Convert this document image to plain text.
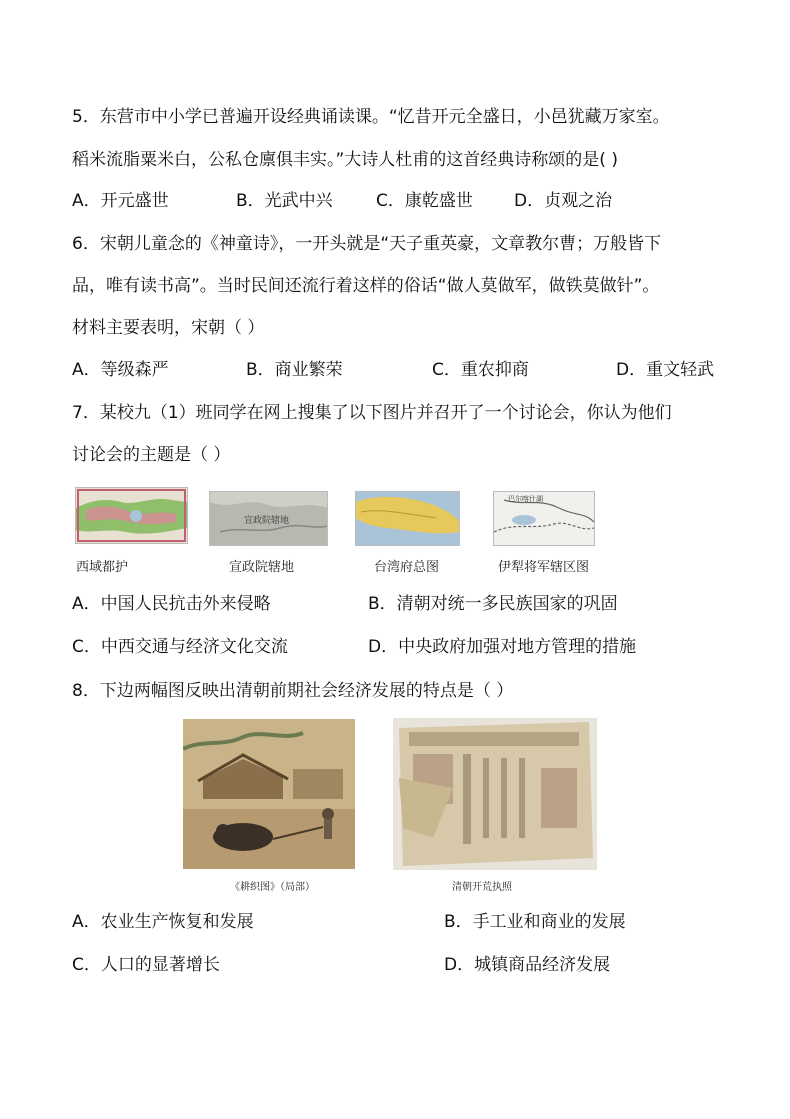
5．东营市中小学已普遍开设经典诵读课。“忆昔开元全盛日，小邑犹藏万家室。
稻米流脂粟米白，公私仓廪俱丰实。”大诗人杜甫的这首经典诗称颂的是( )
A．开元盛世	B．光武中兴	C．康乾盛世 D．贞观之治
6．宋朝儿童念的《神童诗》，一开头就是“天子重英豪，文章教尔曹；万般皆下
品，唯有读书高”。当时民间还流行着这样的俗话“做人莫做军，做铁莫做针”。
材料主要表明，宋朝（ ）
A．等级森严	B．商业繁荣	C．重农抑商	D．重文轻武
7．某校九（1）班同学在网上搜集了以下图片并召开了一个讨论会，你认为他们
讨论会的主题是（ ）
西域都护
宣政院辖地
宣政院辖地	台湾府总图
巴尔喀什湖
伊犁将军辖区图
A．中国人民抗击外来侵略	B．清朝对统一多民族国家的巩固
C．中西交通与经济文化交流	D．中央政府加强对地方管理的措施
8．下边两幅图反映出清朝前期社会经济发展的特点是（ ）
《耕织图》（局部）	清朝开荒执照
A．农业生产恢复和发展	B．手工业和商业的发展
C．人口的显著增长	D．城镇商品经济发展
